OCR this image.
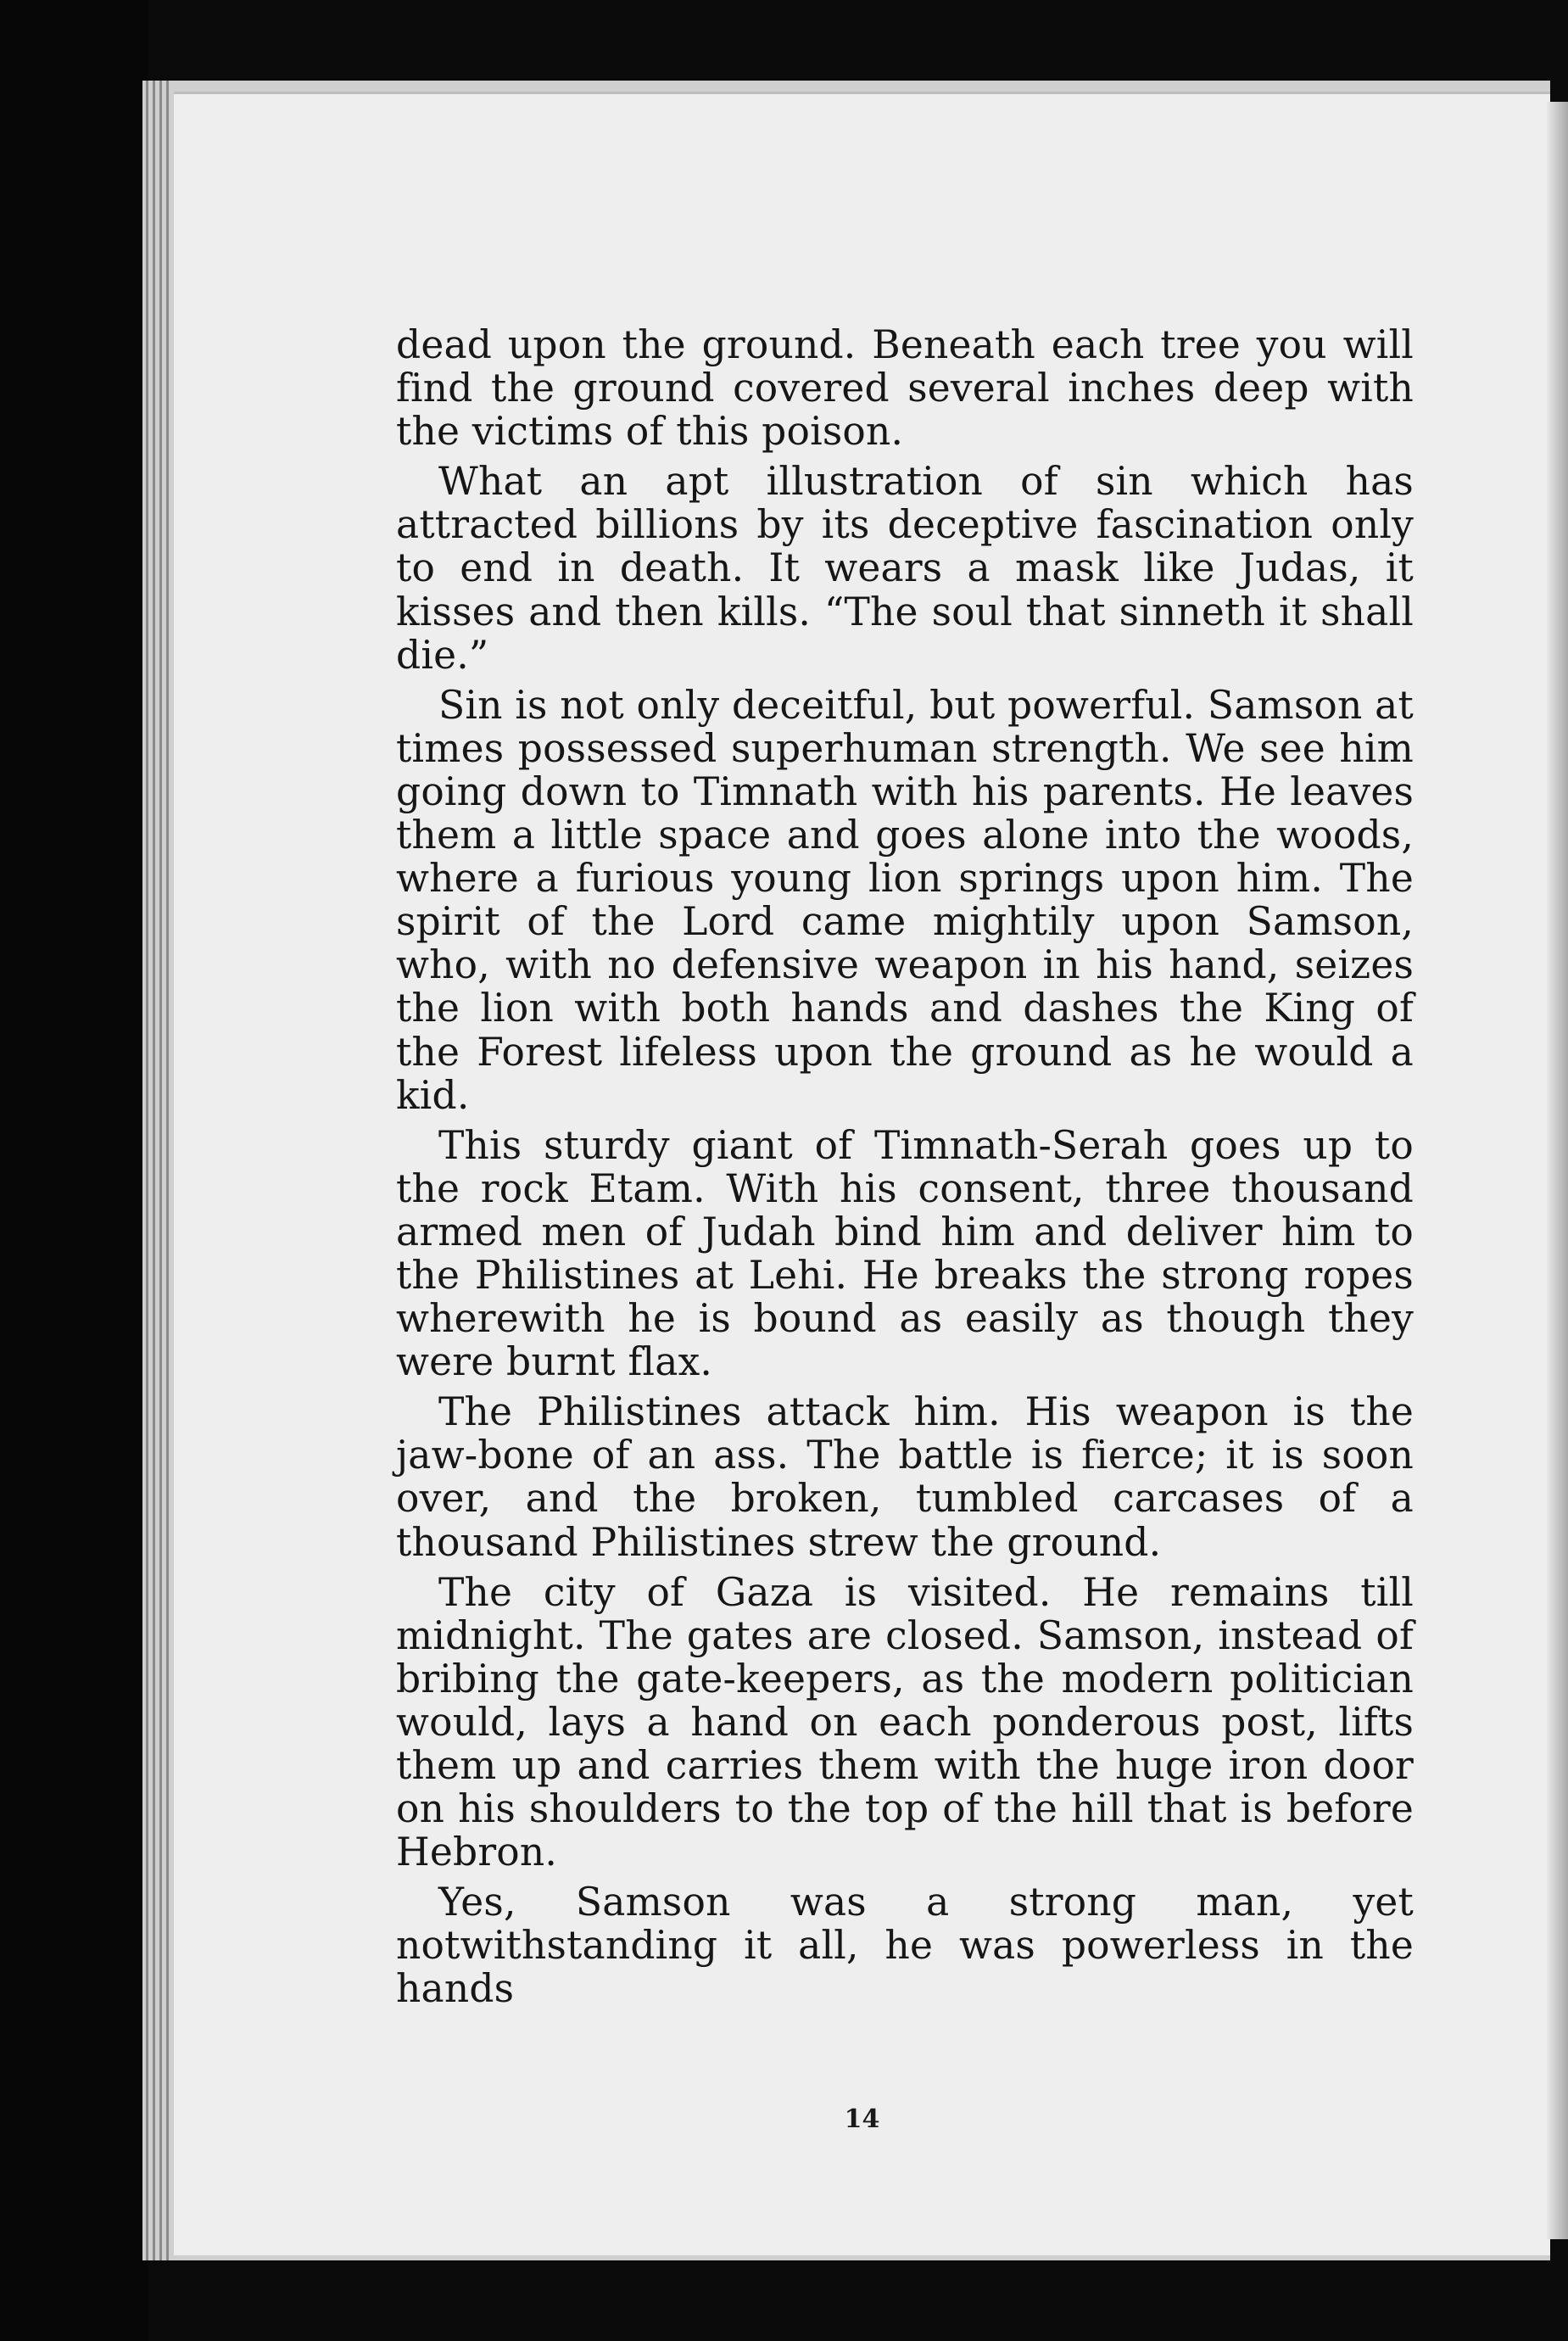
dead upon the ground. Beneath each tree you will find the ground covered several inches deep with the victims of this poison.

What an apt illustration of sin which has attracted billions by its deceptive fascination only to end in death. It wears a mask like Judas, it kisses and then kills. “The soul that sinneth it shall die.”

Sin is not only deceitful, but powerful. Samson at times possessed superhuman strength. We see him going down to Timnath with his parents. He leaves them a little space and goes alone into the woods, where a furious young lion springs upon him. The spirit of the Lord came mightily upon Samson, who, with no defensive weapon in his hand, seizes the lion with both hands and dashes the King of the Forest lifeless upon the ground as he would a kid.

This sturdy giant of Timnath-Serah goes up to the rock Etam. With his consent, three thousand armed men of Judah bind him and deliver him to the Philistines at Lehi. He breaks the strong ropes wherewith he is bound as easily as though they were burnt flax.

The Philistines attack him. His weapon is the jaw-bone of an ass. The battle is fierce; it is soon over, and the broken, tumbled carcases of a thousand Philistines strew the ground.

The city of Gaza is visited. He remains till midnight. The gates are closed. Samson, instead of bribing the gate-keepers, as the modern politician would, lays a hand on each ponderous post, lifts them up and carries them with the huge iron door on his shoulders to the top of the hill that is before Hebron.

Yes, Samson was a strong man, yet notwithstanding it all, he was powerless in the hands

14
